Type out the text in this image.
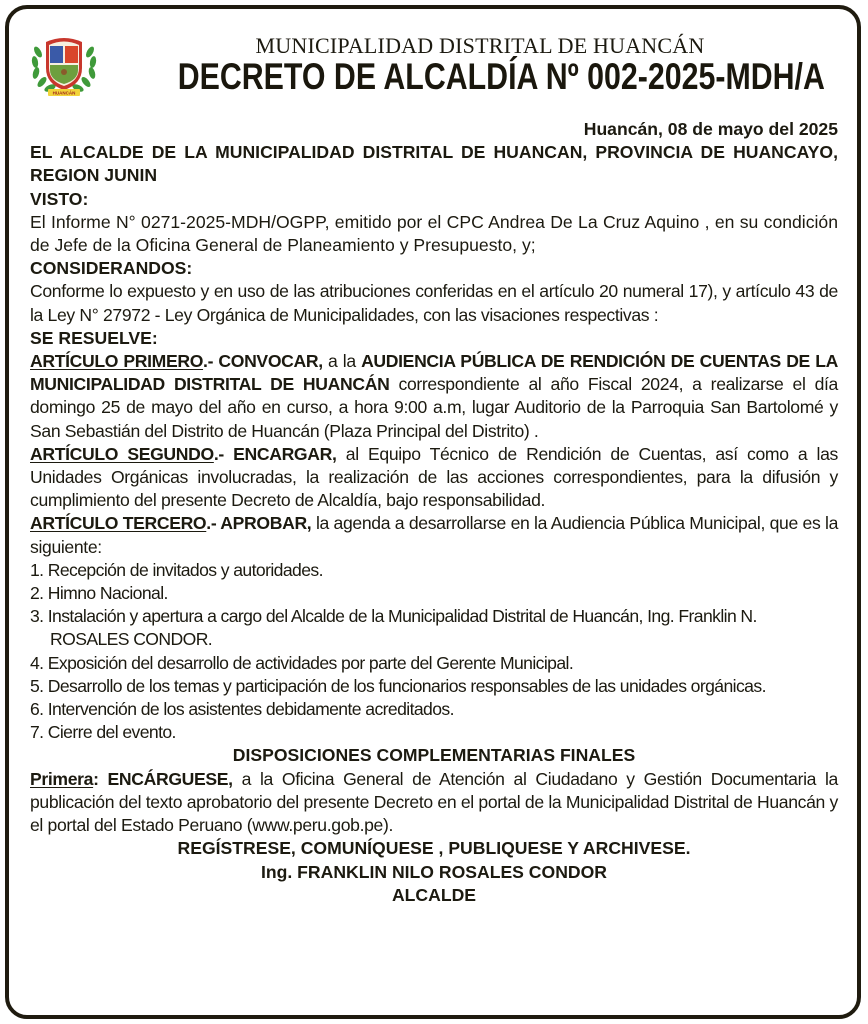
HUANCÁN
MUNICIPALIDAD DISTRITAL DE HUANCÁN
DECRETO DE ALCALDÍA Nº 002-2025-MDH/A

Huancán, 08 de mayo del 2025

EL ALCALDE DE LA MUNICIPALIDAD DISTRITAL DE HUANCAN, PROVINCIA DE HUANCAYO, REGION JUNIN

VISTO:

El Informe N° 0271-2025-MDH/OGPP, emitido por el CPC Andrea De La Cruz Aquino , en su condición de Jefe de la Oficina General de Planeamiento y Presupuesto, y;

CONSIDERANDOS:

Conforme lo expuesto y en uso de las atribuciones conferidas en el artículo 20 numeral 17), y artículo 43 de la Ley N° 27972 - Ley Orgánica de Municipalidades, con las visaciones respectivas :

SE RESUELVE:

ARTÍCULO PRIMERO.- CONVOCAR, a la AUDIENCIA PÚBLICA DE RENDICIÓN DE CUENTAS DE LA MUNICIPALIDAD DISTRITAL DE HUANCÁN correspondiente al año Fiscal 2024, a realizarse el día domingo 25 de mayo del año en curso, a hora 9:00 a.m, lugar Auditorio de la Parroquia San Bartolomé y San Sebastián del Distrito de Huancán (Plaza Principal del Distrito) .

ARTÍCULO SEGUNDO.- ENCARGAR, al Equipo Técnico de Rendición de Cuentas, así como a las Unidades Orgánicas involucradas, la realización de las acciones correspondientes, para la difusión y cumplimiento del presente Decreto de Alcaldía, bajo responsabilidad.

ARTÍCULO TERCERO.- APROBAR, la agenda a desarrollarse en la Audiencia Pública Municipal, que es la siguiente:

1. Recepción de invitados y autoridades.

2. Himno Nacional.

3. Instalación y apertura a cargo del Alcalde de la Municipalidad Distrital de Huancán, Ing. Franklin N. ROSALES CONDOR.

4. Exposición del desarrollo de actividades por parte del Gerente Municipal.

5. Desarrollo de los temas y participación de los funcionarios responsables de las unidades orgánicas.

6. Intervención de los asistentes debidamente acreditados.

7. Cierre del evento.

DISPOSICIONES COMPLEMENTARIAS FINALES

Primera: ENCÁRGUESE, a la Oficina General de Atención al Ciudadano y Gestión Documentaria la publicación del texto aprobatorio del presente Decreto en el portal de la Municipalidad Distrital de Huancán y el portal del Estado Peruano (www.peru.gob.pe).

REGÍSTRESE, COMUNÍQUESE , PUBLIQUESE Y ARCHIVESE.

Ing. FRANKLIN NILO ROSALES CONDOR

ALCALDE
